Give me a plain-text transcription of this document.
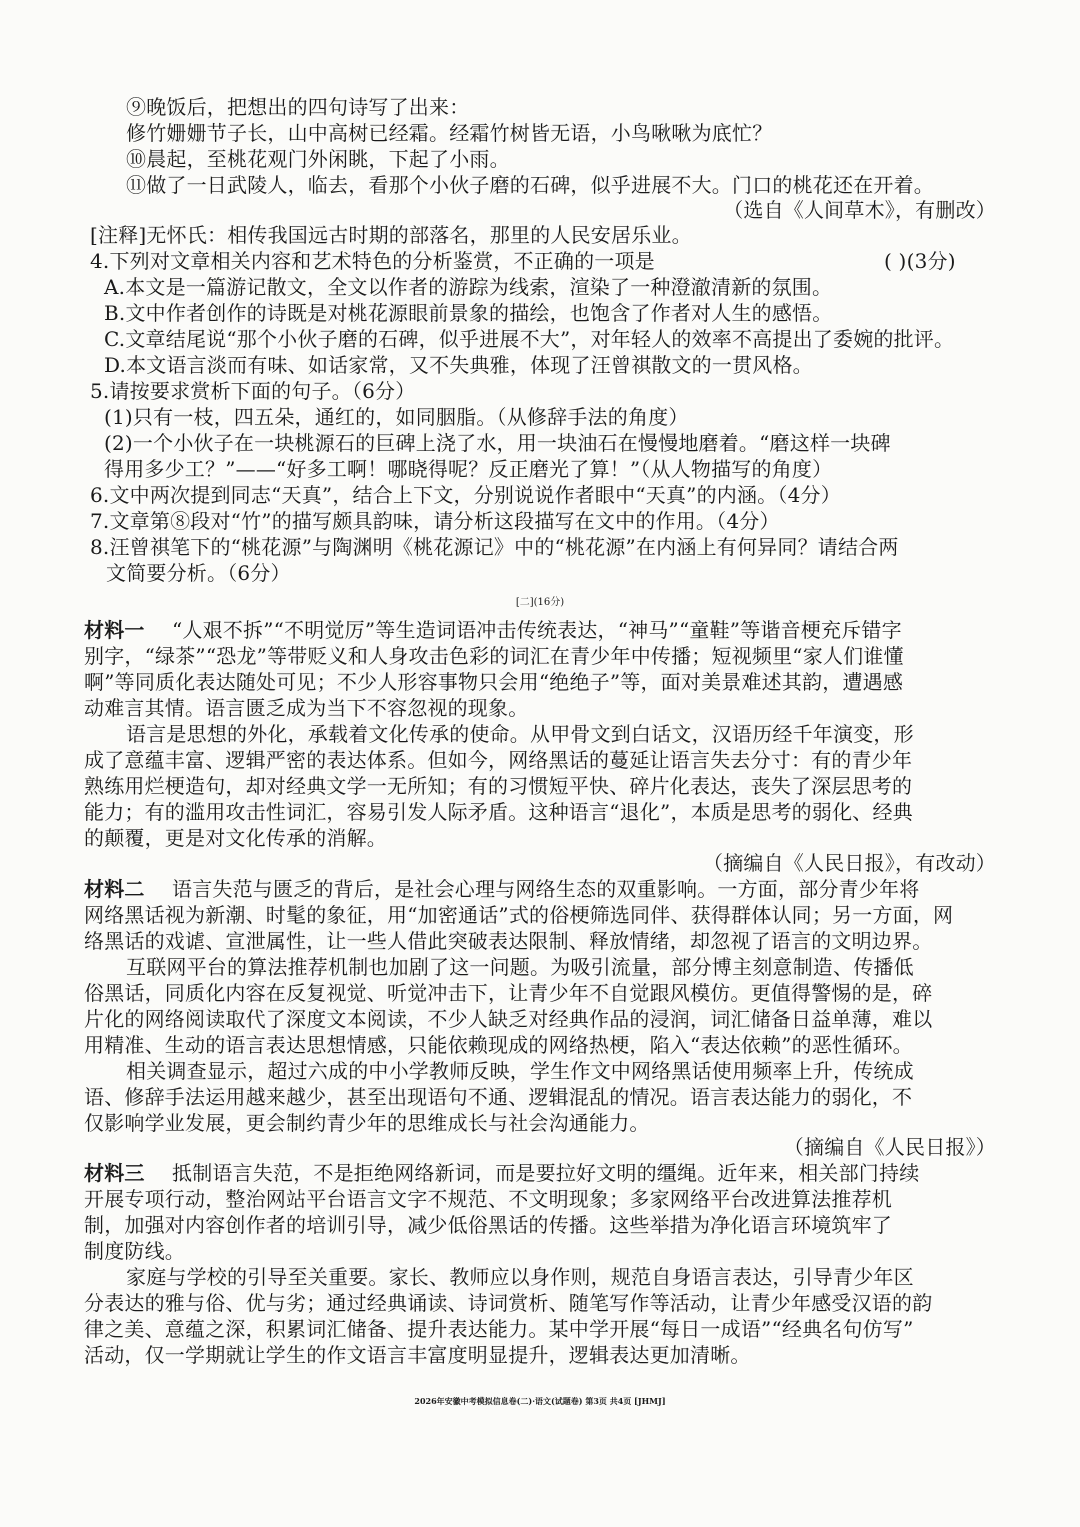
⑨晚饭后，把想出的四句诗写了出来：

修竹姗姗节子长，山中高树已经霜。经霜竹树皆无语，小鸟啾啾为底忙？

⑩晨起，至桃花观门外闲眺，下起了小雨。

⑪做了一日武陵人，临去，看那个小伙子磨的石碑，似乎进展不大。门口的桃花还在开着。

（选自《人间草木》，有删改）

[注释]无怀氏：相传我国远古时期的部落名，那里的人民安居乐业。

4.下列对文章相关内容和艺术特色的分析鉴赏，不正确的一项是	( )(3分)

A.本文是一篇游记散文，全文以作者的游踪为线索，渲染了一种澄澈清新的氛围。

B.文中作者创作的诗既是对桃花源眼前景象的描绘，也饱含了作者对人生的感悟。

C.文章结尾说“那个小伙子磨的石碑，似乎进展不大”，对年轻人的效率不高提出了委婉的批评。

D.本文语言淡而有味、如话家常，又不失典雅，体现了汪曾祺散文的一贯风格。

5.请按要求赏析下面的句子。（6分）

(1)只有一枝，四五朵，通红的，如同胭脂。（从修辞手法的角度）

(2)一个小伙子在一块桃源石的巨碑上浇了水，用一块油石在慢慢地磨着。“磨这样一块碑

得用多少工？”——“好多工啊！哪晓得呢？反正磨光了算！”（从人物描写的角度）

6.文中两次提到同志“天真”，结合上下文，分别说说作者眼中“天真”的内涵。（4分）

7.文章第⑧段对“竹”的描写颇具韵味，请分析这段描写在文中的作用。（4分）

8.汪曾祺笔下的“桃花源”与陶渊明《桃花源记》中的“桃花源”在内涵上有何异同？请结合两

文简要分析。（6分）

[二](16分)

材料一 “人艰不拆”“不明觉厉”等生造词语冲击传统表达，“神马”“童鞋”等谐音梗充斥错字

别字，“绿茶”“恐龙”等带贬义和人身攻击色彩的词汇在青少年中传播；短视频里“家人们谁懂

啊”等同质化表达随处可见；不少人形容事物只会用“绝绝子”等，面对美景难述其韵，遭遇感

动难言其情。语言匮乏成为当下不容忽视的现象。

语言是思想的外化，承载着文化传承的使命。从甲骨文到白话文，汉语历经千年演变，形

成了意蕴丰富、逻辑严密的表达体系。但如今，网络黑话的蔓延让语言失去分寸：有的青少年

熟练用烂梗造句，却对经典文学一无所知；有的习惯短平快、碎片化表达，丧失了深层思考的

能力；有的滥用攻击性词汇，容易引发人际矛盾。这种语言“退化”，本质是思考的弱化、经典

的颠覆，更是对文化传承的消解。

（摘编自《人民日报》，有改动）

材料二 语言失范与匮乏的背后，是社会心理与网络生态的双重影响。一方面，部分青少年将

网络黑话视为新潮、时髦的象征，用“加密通话”式的俗梗筛选同伴、获得群体认同；另一方面，网

络黑话的戏谑、宣泄属性，让一些人借此突破表达限制、释放情绪，却忽视了语言的文明边界。

互联网平台的算法推荐机制也加剧了这一问题。为吸引流量，部分博主刻意制造、传播低

俗黑话，同质化内容在反复视觉、听觉冲击下，让青少年不自觉跟风模仿。更值得警惕的是，碎

片化的网络阅读取代了深度文本阅读，不少人缺乏对经典作品的浸润，词汇储备日益单薄，难以

用精准、生动的语言表达思想情感，只能依赖现成的网络热梗，陷入“表达依赖”的恶性循环。

相关调查显示，超过六成的中小学教师反映，学生作文中网络黑话使用频率上升，传统成

语、修辞手法运用越来越少，甚至出现语句不通、逻辑混乱的情况。语言表达能力的弱化，不

仅影响学业发展，更会制约青少年的思维成长与社会沟通能力。

（摘编自《人民日报》）

材料三 抵制语言失范，不是拒绝网络新词，而是要拉好文明的缰绳。近年来，相关部门持续

开展专项行动，整治网站平台语言文字不规范、不文明现象；多家网络平台改进算法推荐机

制，加强对内容创作者的培训引导，减少低俗黑话的传播。这些举措为净化语言环境筑牢了

制度防线。

家庭与学校的引导至关重要。家长、教师应以身作则，规范自身语言表达，引导青少年区

分表达的雅与俗、优与劣；通过经典诵读、诗词赏析、随笔写作等活动，让青少年感受汉语的韵

律之美、意蕴之深，积累词汇储备、提升表达能力。某中学开展“每日一成语”“经典名句仿写”

活动，仅一学期就让学生的作文语言丰富度明显提升，逻辑表达更加清晰。

2026年安徽中考模拟信息卷(二)·语文(试题卷) 第3页 共4页 [JHMJ]
